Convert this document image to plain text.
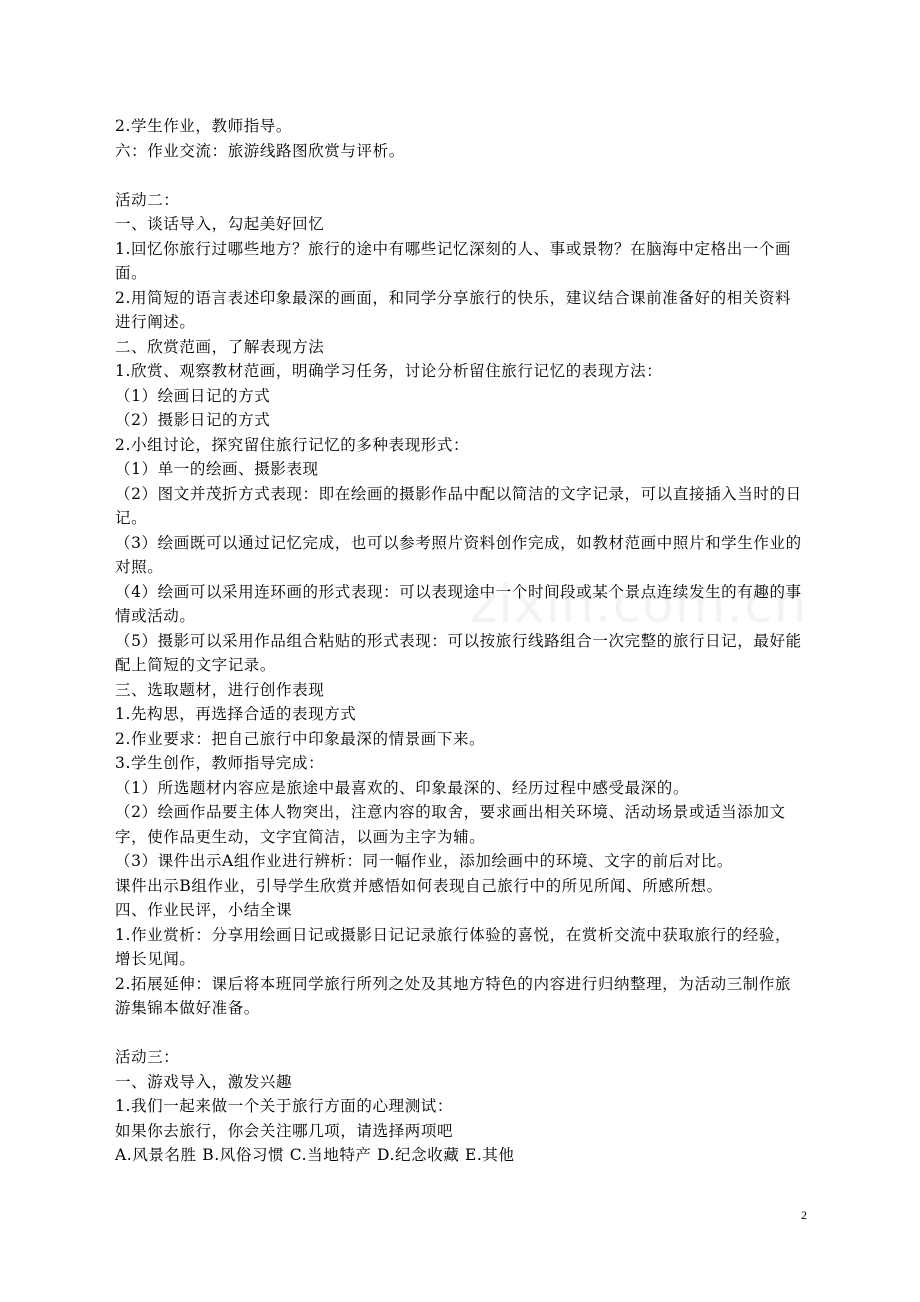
2.学生作业，教师指导。

六：作业交流：旅游线路图欣赏与评析。

活动二：

一、谈话导入，勾起美好回忆

1.回忆你旅行过哪些地方？旅行的途中有哪些记忆深刻的人、事或景物？在脑海中定格出一个画面。

2.用简短的语言表述印象最深的画面，和同学分享旅行的快乐，建议结合课前准备好的相关资料进行阐述。

二、欣赏范画，了解表现方法

1.欣赏、观察教材范画，明确学习任务，讨论分析留住旅行记忆的表现方法：

（1）绘画日记的方式

（2）摄影日记的方式

2.小组讨论，探究留住旅行记忆的多种表现形式：

（1）单一的绘画、摄影表现

（2）图文并茂折方式表现：即在绘画的摄影作品中配以简洁的文字记录，可以直接插入当时的日记。

（3）绘画既可以通过记忆完成，也可以参考照片资料创作完成，如教材范画中照片和学生作业的对照。

（4）绘画可以采用连环画的形式表现：可以表现途中一个时间段或某个景点连续发生的有趣的事情或活动。

（5）摄影可以采用作品组合粘贴的形式表现：可以按旅行线路组合一次完整的旅行日记，最好能配上简短的文字记录。

三、选取题材，进行创作表现

1.先构思，再选择合适的表现方式

2.作业要求：把自己旅行中印象最深的情景画下来。

3.学生创作，教师指导完成：

（1）所选题材内容应是旅途中最喜欢的、印象最深的、经历过程中感受最深的。

（2）绘画作品要主体人物突出，注意内容的取舍，要求画出相关环境、活动场景或适当添加文字，使作品更生动，文字宜简洁，以画为主字为辅。

（3）课件出示A组作业进行辨析：同一幅作业，添加绘画中的环境、文字的前后对比。

课件出示B组作业，引导学生欣赏并感悟如何表现自己旅行中的所见所闻、所感所想。

四、作业民评，小结全课

1.作业赏析：分享用绘画日记或摄影日记记录旅行体验的喜悦，在赏析交流中获取旅行的经验，增长见闻。

2.拓展延伸：课后将本班同学旅行所列之处及其地方特色的内容进行归纳整理，为活动三制作旅游集锦本做好准备。

活动三：

一、游戏导入，激发兴趣

1.我们一起来做一个关于旅行方面的心理测试：

如果你去旅行，你会关注哪几项，请选择两项吧

A.风景名胜 B.风俗习惯 C.当地特产 D.纪念收藏 E.其他

2
